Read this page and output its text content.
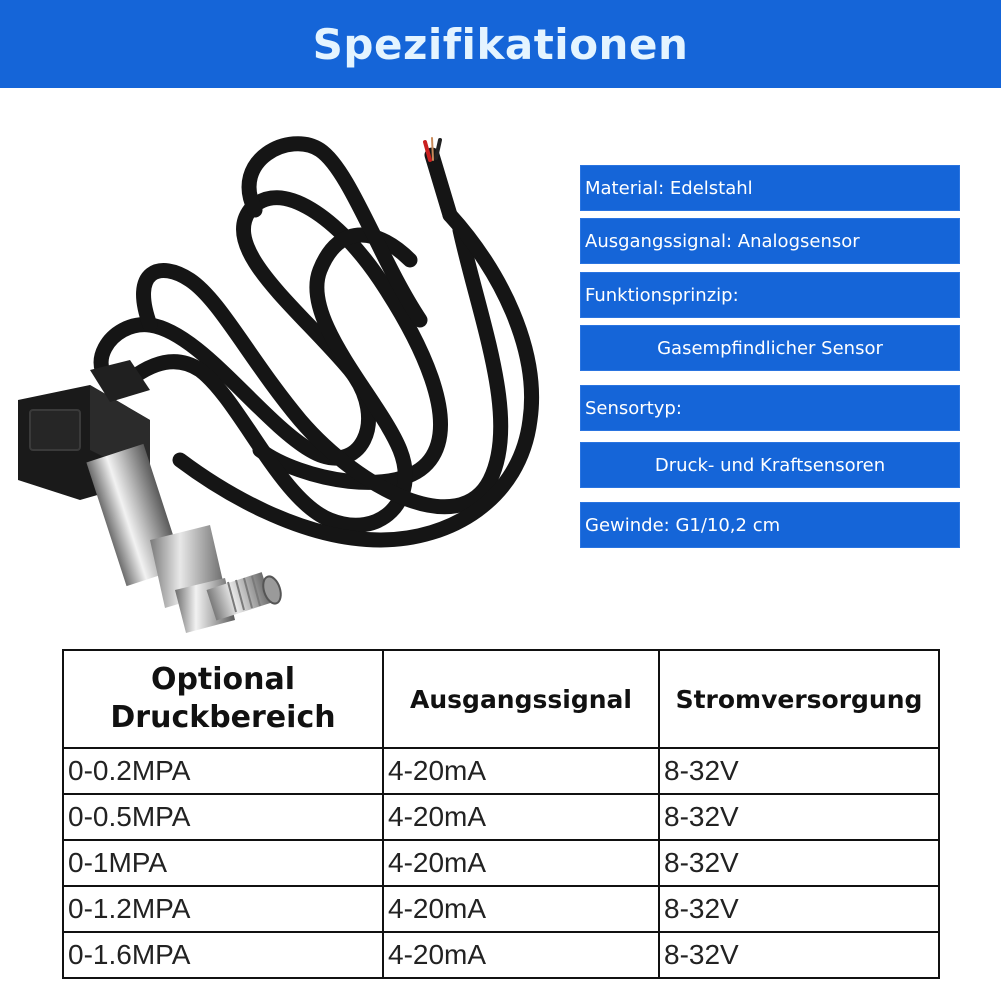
Spezifikationen
Material: Edelstahl
Ausgangssignal: Analogsensor
Funktionsprinzip:
Gasempfindlicher Sensor
Sensortyp:
Druck- und Kraftsensoren
Gewinde: G1/10,2 cm
Optional
Druckbereich	Ausgangssignal	Stromversorgung
0-0.2MPA	4-20mA	8-32V
0-0.5MPA	4-20mA	8-32V
0-1MPA	4-20mA	8-32V
0-1.2MPA	4-20mA	8-32V
0-1.6MPA	4-20mA	8-32V
